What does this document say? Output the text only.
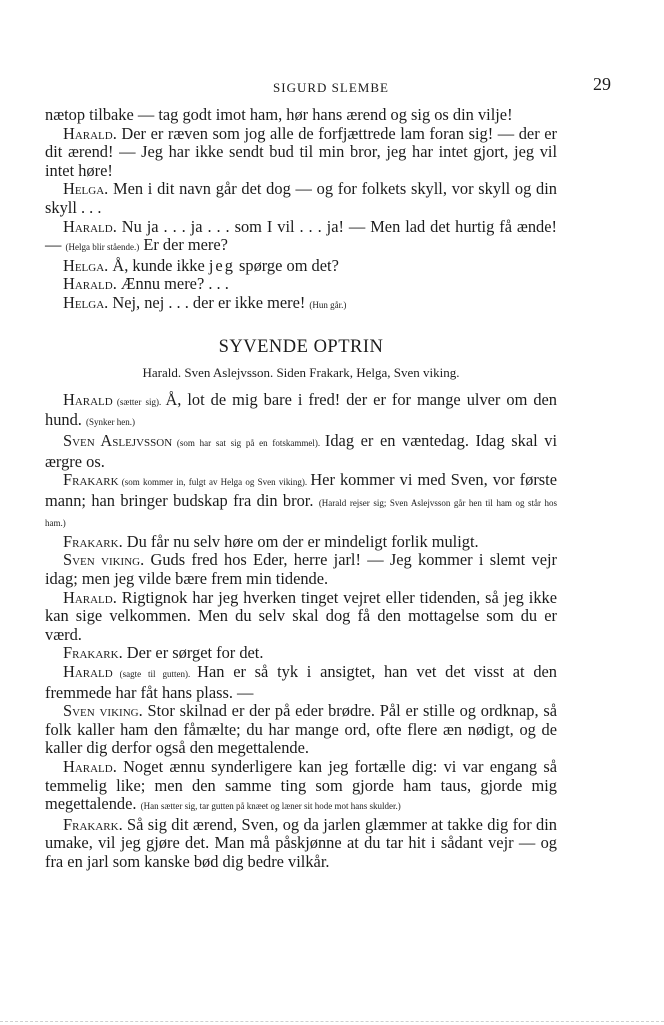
SIGURD SLEMBE	29

nætop tilbake — tag godt imot ham, hør hans ærend og sig os din vilje!

Harald. Der er ræven som jog alle de forfjættrede lam foran sig! — der er dit ærend! — Jeg har ikke sendt bud til min bror, jeg har intet gjort, jeg vil intet høre!

Helga. Men i dit navn går det dog — og for folkets skyll, vor skyll og din skyll . . .

Harald. Nu ja . . . ja . . . som I vil . . . ja! — Men lad det hurtig få ænde! — (Helga blir stående.) Er der mere?

Helga. Å, kunde ikke jeg spørge om det?

Harald. Ænnu mere? . . .

Helga. Nej, nej . . . der er ikke mere! (Hun går.)

SYVENDE OPTRIN
Harald. Sven Aslejvsson. Siden Frakark, Helga, Sven viking.

Harald (sætter sig). Å, lot de mig bare i fred! der er for mange ulver om den hund. (Synker hen.)

Sven Aslejvsson (som har sat sig på en fotskammel). Idag er en væntedag. Idag skal vi ærgre os.

Frakark (som kommer in, fulgt av Helga og Sven viking). Her kommer vi med Sven, vor første mann; han bringer budskap fra din bror. (Harald rejser sig; Sven Aslejvsson går hen til ham og står hos ham.)

Frakark. Du får nu selv høre om der er mindeligt forlik muligt.

Sven viking. Guds fred hos Eder, herre jarl! — Jeg kommer i slemt vejr idag; men jeg vilde bære frem min tidende.

Harald. Rigtignok har jeg hverken tinget vejret eller tidenden, så jeg ikke kan sige velkommen. Men du selv skal dog få den mottagelse som du er værd.

Frakark. Der er sørget for det.

Harald (sagte til gutten). Han er så tyk i ansigtet, han vet det visst at den fremmede har fåt hans plass. —

Sven viking. Stor skilnad er der på eder brødre. Pål er stille og ordknap, så folk kaller ham den fåmælte; du har mange ord, ofte flere æn nødigt, og de kaller dig derfor også den megettalende.

Harald. Noget ænnu synderligere kan jeg fortælle dig: vi var engang så temmelig like; men den samme ting som gjorde ham taus, gjorde mig megettalende. (Han sætter sig, tar gutten på knæet og læner sit hode mot hans skulder.)

Frakark. Så sig dit ærend, Sven, og da jarlen glæmmer at takke dig for din umake, vil jeg gjøre det. Man må påskjønne at du tar hit i sådant vejr — og fra en jarl som kanske bød dig bedre vilkår.
